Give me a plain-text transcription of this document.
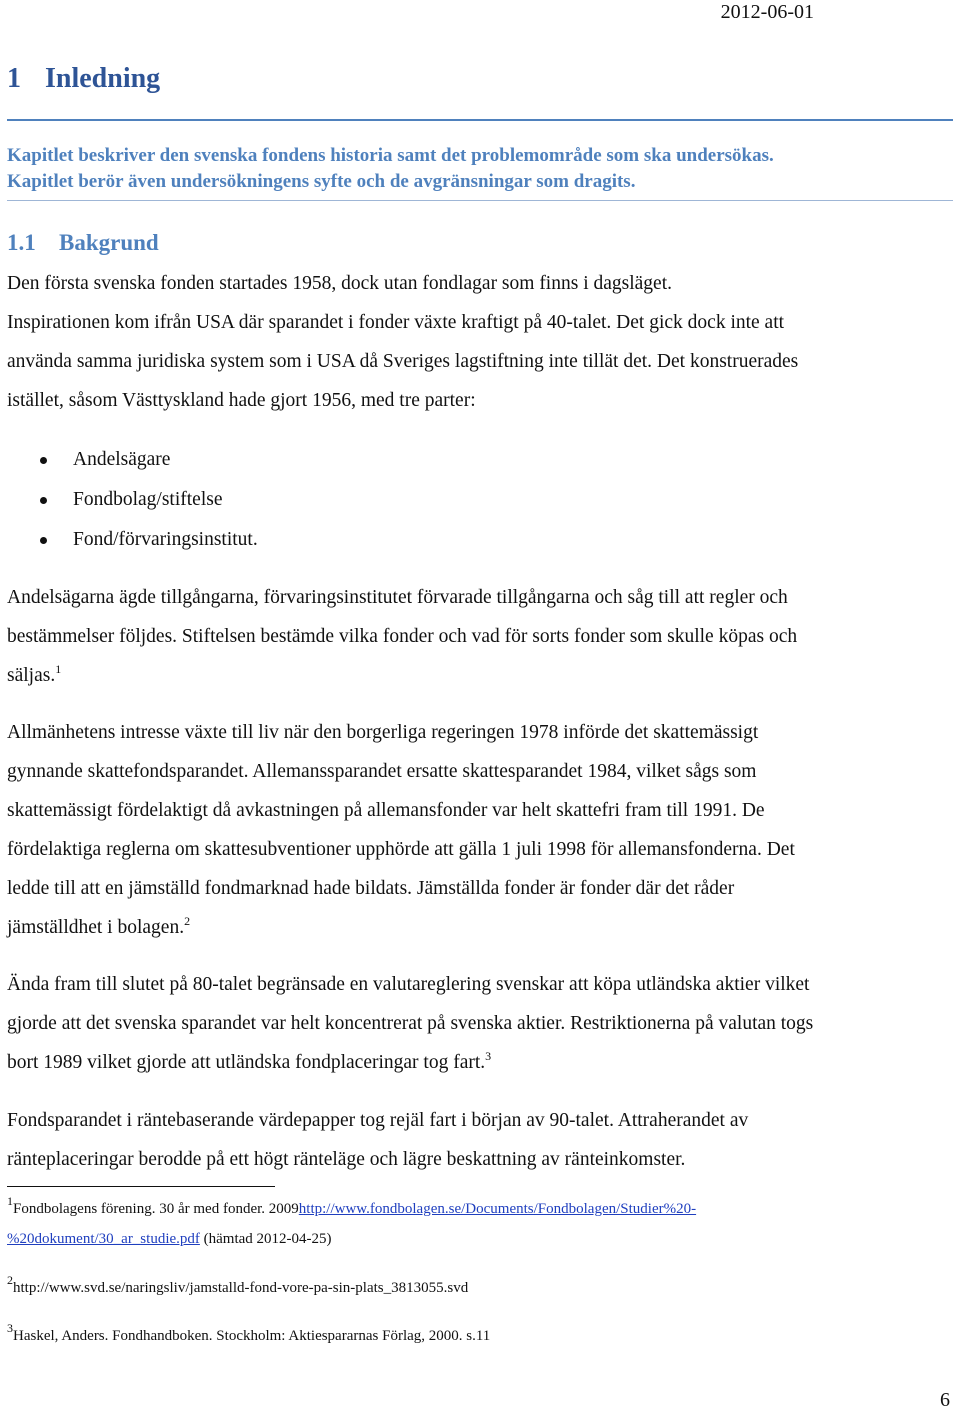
2012-06-01
1 Inledning
Kapitlet beskriver den svenska fondens historia samt det problemområde som ska undersökas.
Kapitlet berör även undersökningens syfte och de avgränsningar som dragits.
1.1 Bakgrund
Den första svenska fonden startades 1958, dock utan fondlagar som finns i dagsläget.
Inspirationen kom ifrån USA där sparandet i fonder växte kraftigt på 40-talet. Det gick dock inte att
använda samma juridiska system som i USA då Sveriges lagstiftning inte tillät det. Det konstruerades
istället, såsom Västtyskland hade gjort 1956, med tre parter:
Andelsägare
Fondbolag/stiftelse
Fond/förvaringsinstitut.
Andelsägarna ägde tillgångarna, förvaringsinstitutet förvarade tillgångarna och såg till att regler och
bestämmelser följdes. Stiftelsen bestämde vilka fonder och vad för sorts fonder som skulle köpas och
säljas.$^1$
Allmänhetens intresse växte till liv när den borgerliga regeringen 1978 införde det skattemässigt
gynnande skattefondsparandet. Allemanssparandet ersatte skattesparandet 1984, vilket sågs som
skattemässigt fördelaktigt då avkastningen på allemansfonder var helt skattefri fram till 1991. De
fördelaktiga reglerna om skattesubventioner upphörde att gälla 1 juli 1998 för allemansfonderna. Det
ledde till att en jämställd fondmarknad hade bildats. Jämställda fonder är fonder där det råder
jämställdhet i bolagen.$^2$
Ända fram till slutet på 80-talet begränsade en valutareglering svenskar att köpa utländska aktier vilket
gjorde att det svenska sparandet var helt koncentrerat på svenska aktier. Restriktionerna på valutan togs
bort 1989 vilket gjorde att utländska fondplaceringar tog fart.$^3$
Fondsparandet i räntebaserande värdepapper tog rejäl fart i början av 90-talet. Attraherandet av
ränteplaceringar berodde på ett högt ränteläge och lägre beskattning av ränteinkomster.
$^1$Fondbolagens förening. 30 år med fonder. 2009http://www.fondbolagen.se/Documents/Fondbolagen/Studier%20-
%20dokument/30_ar_studie.pdf (hämtad 2012-04-25)
$^2$http://www.svd.se/naringsliv/jamstalld-fond-vore-pa-sin-plats_3813055.svd
$^3$Haskel, Anders. Fondhandboken. Stockholm: Aktiespararnas Förlag, 2000. s.11
6
